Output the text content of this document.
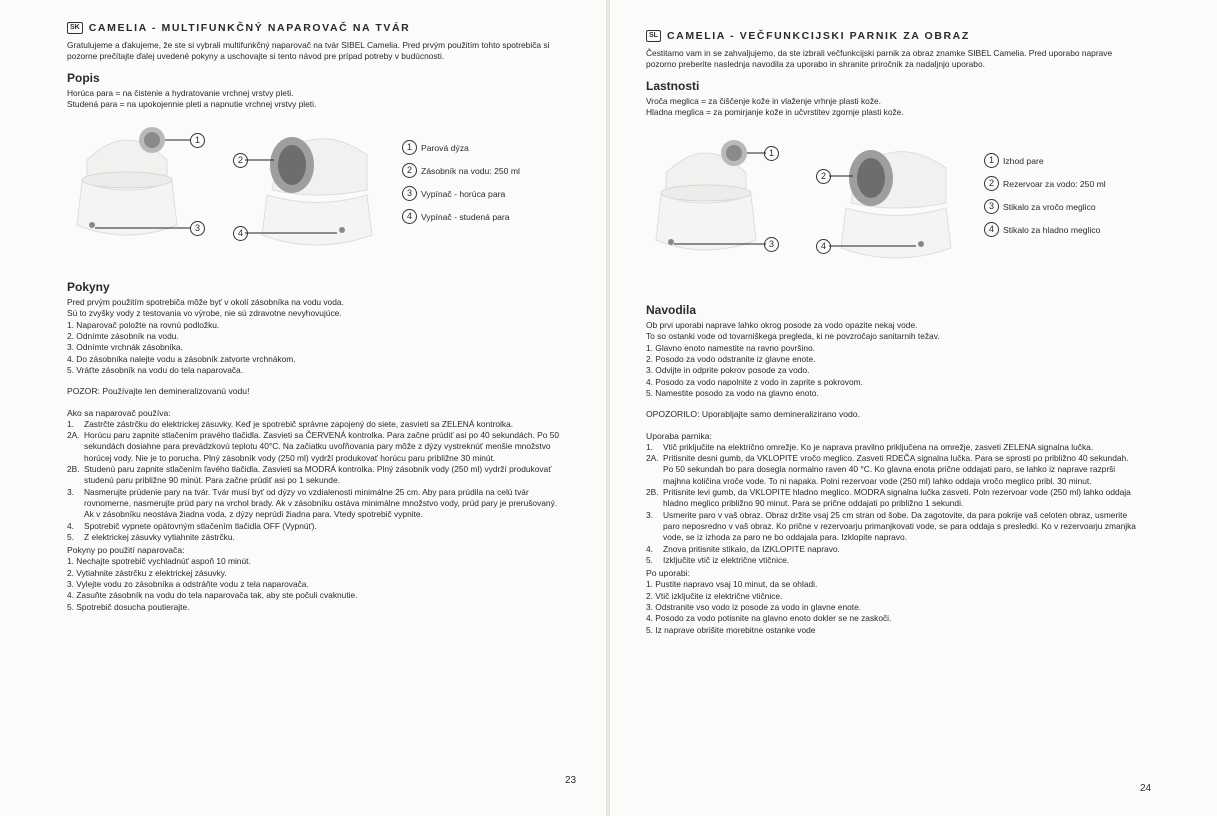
SK CAMELIA - MULTIFUNKČNÝ NAPAROVAČ NA TVÁR

Gratulujeme a ďakujeme, že ste si vybrali multifunkčný naparovač na tvár SIBEL Camelia. Pred prvým použitím tohto spotrebiča si pozorne prečítajte ďalej uvedené pokyny a uschovajte si tento návod pre prípad potreby v budúcnosti.

Popis

Horúca para = na čistenie a hydratovanie vrchnej vrstvy pleti.

Studená para = na upokojennie pleti a napnutie vrchnej vrstvy pleti.

1
3
2
4
1	Parová dýza
2	Zásobník na vodu: 250 ml
3	Vypínač - horúca para
4	Vypínač - studená para
Pokyny

Pred prvým použitím spotrebiča môže byť v okolí zásobníka na vodu voda.

Sú to zvyšky vody z testovania vo výrobe, nie sú zdravotne nevyhovujúce.

1. Naparovač položte na rovnú podložku.

2. Odnímte zásobník na vodu.

3. Odnímte vrchnák zásobníka.

4. Do zásobníka nalejte vodu a zásobník zatvorte vrchnákom.

5. Vráťte zásobník na vodu do tela naparovača.

POZOR: Používajte len demineralizovanú vodu!

Ako sa naparovač používa:

1.	Zastrčte zástrčku do elektrickej zásuvky. Keď je spotrebič správne zapojený do siete, zasvieti sa ZELENÁ kontrolka.
2A. Horúcu paru zapnite stlačením pravého tlačidla. Zasvieti sa ČERVENÁ kontrolka. Para začne prúdiť asi po 40 sekundách. Po 50 sekundách dosiahne para prevádzkovú teplotu 40°C. Na začiatku uvoľňovania pary môže z dýzy vystreknúť menšie množstvo horúcej vody. Nie je to porucha. Plný zásobník vody (250 ml) vydrží produkovať horúcu paru približne 30 minút.
2B. Studenú paru zapnite stlačením ľavého tlačidla. Zasvieti sa MODRÁ kontrolka. Plný zásobník vody (250 ml) vydrží produkovať studenú paru približne 90 minút. Para začne prúdiť asi po 1 sekunde.
3.	Nasmerujte prúdenie pary na tvár. Tvár musí byť od dýzy vo vzdialenosti minimálne 25 cm. Aby para prúdila na celú tvár rovnomerne, nasmerujte prúd pary na vrchol brady. Ak v zásobníku ostáva minimálne množstvo vody, prúd pary je prerušovaný. Ak v zásobníku neostáva žiadna voda, z dýzy neprúdi žiadna para. Vtedy spotrebič vypnite.
4.	Spotrebič vypnete opätovným stlačením tlačidla OFF (Vypnúť).
5.	Z elektrickej zásuvky vytiahnite zástrčku.

Pokyny po použití naparovača:

1. Nechajte spotrebič vychladnúť aspoň 10 minút.

2. Vytiahnite zástrčku z elektrickej zásuvky.

3. Vylejte vodu zo zásobníka a odstráňte vodu z tela naparovača.

4. Zasuňte zásobník na vodu do tela naparovača tak, aby ste počuli cvaknutie.

5. Spotrebič dosucha poutierajte.

23
SL CAMELIA - VEČFUNKCIJSKI PARNIK ZA OBRAZ

Čestitamo vam in se zahvaljujemo, da ste izbrali večfunkcijski parnik za obraz znamke SIBEL Camelia. Pred uporabo naprave pozorno preberite naslednja navodila za uporabo in shranite priročnik za nadaljnjo uporabo.

Lastnosti

Vroča meglica = za čiščenje kože in vlaženje vrhnje plasti kože.

Hladna meglica = za pomirjanje kože in učvrstitev zgornje plasti kože.

1
3
2
4
1	Izhod pare
2	Rezervoar za vodo: 250 ml
3	Stikalo za vročo meglico
4	Stikalo za hladno meglico
Navodila

Ob prvi uporabi naprave lahko okrog posode za vodo opazite nekaj vode.

To so ostanki vode od tovarniškega pregleda, ki ne povzročajo sanitarnih težav.

1. Glavno enoto namestite na ravno površino.

2. Posodo za vodo odstranite iz glavne enote.

3. Odvijte in odprite pokrov posode za vodo.

4. Posodo za vodo napolnite z vodo in zaprite s pokrovom.

5. Namestite posodo za vodo na glavno enoto.

OPOZORILO: Uporabljajte samo demineralizirano vodo.

Uporaba parnika:

1.	Vtič priključite na električno omrežje. Ko je naprava pravilno priključena na omrežje, zasveti ZELENA signalna lučka.
2A. Pritisnite desni gumb, da VKLOPITE vročo meglico. Zasveti RDEČA signalna lučka. Para se sprosti po približno 40 sekundah. Po 50 sekundah bo para dosegla normalno raven 40 °C. Ko glavna enota prične oddajati paro, se lahko iz naprave razprši majhna količina vroče vode. To ni napaka. Polni rezervoar vode (250 ml) lahko oddaja vročo meglico pribl. 30 minut.
2B. Pritisnite levi gumb, da VKLOPITE hladno meglico. MODRA signalna lučka zasveti. Poln rezervoar vode (250 ml) lahko oddaja hladno meglico približno 90 minut. Para se prične oddajati po približno 1 sekundi.
3.	Usmerite paro v vaš obraz. Obraz držite vsaj 25 cm stran od šobe. Da zagotovite, da para pokrije vaš celoten obraz, usmerite paro neposredno v vaš obraz. Ko prične v rezervoarju primanjkovati vode, se para oddaja s presledki. Ko v rezervoarju zmanjka vode, se iz izhoda za paro ne bo oddajala para. Izklopite napravo.
4.	Znova pritisnite stikalo, da IZKLOPITE napravo.
5.	Izključite vtič iz električne vtičnice.

Po uporabi:

1. Pustite napravo vsaj 10 minut, da se ohladi.

2. Vtič izključite iz električne vtičnice.

3. Odstranite vso vodo iz posode za vodo in glavne enote.

4. Posodo za vodo potisnite na glavno enoto dokler se ne zaskoči.

5. Iz naprave obrišite morebitne ostanke vode

24
